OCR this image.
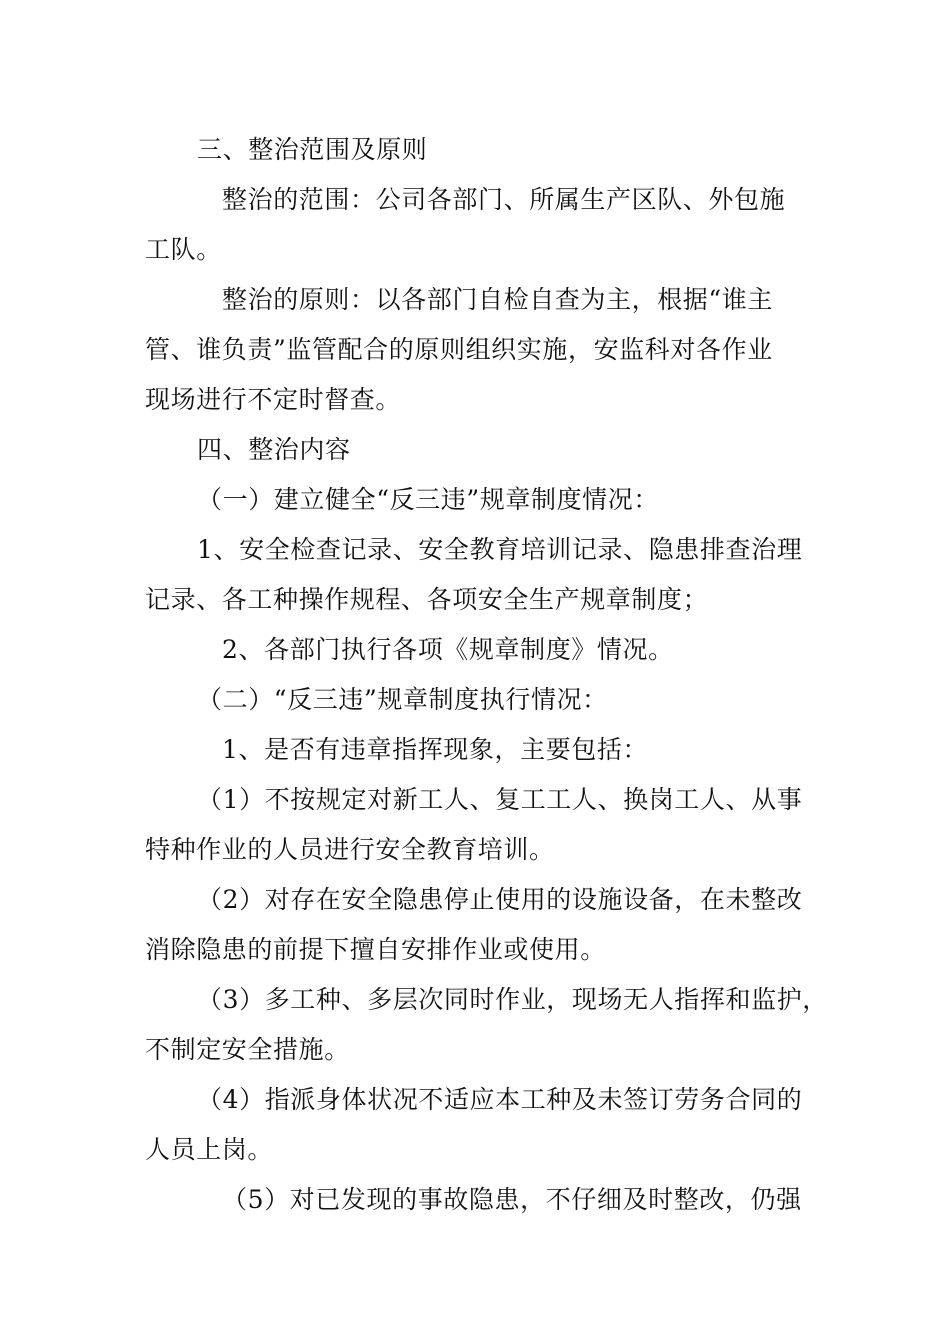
三、整治范围及原则
整治的范围：公司各部门、所属生产区队、外包施
工队。
整治的原则：以各部门自检自查为主，根据“谁主
管、谁负责”监管配合的原则组织实施，安监科对各作业
现场进行不定时督查。
四、整治内容
（一）建立健全“反三违”规章制度情况：
1、安全检查记录、安全教育培训记录、隐患排查治理
记录、各工种操作规程、各项安全生产规章制度；
2、各部门执行各项《规章制度》情况。
（二）“反三违”规章制度执行情况：
1、是否有违章指挥现象，主要包括：
（1）不按规定对新工人、复工工人、换岗工人、从事
特种作业的人员进行安全教育培训。
（2）对存在安全隐患停止使用的设施设备，在未整改
消除隐患的前提下擅自安排作业或使用。
（3）多工种、多层次同时作业，现场无人指挥和监护，
不制定安全措施。
（4）指派身体状况不适应本工种及未签订劳务合同的
人员上岗。
（5）对已发现的事故隐患，不仔细及时整改，仍强
